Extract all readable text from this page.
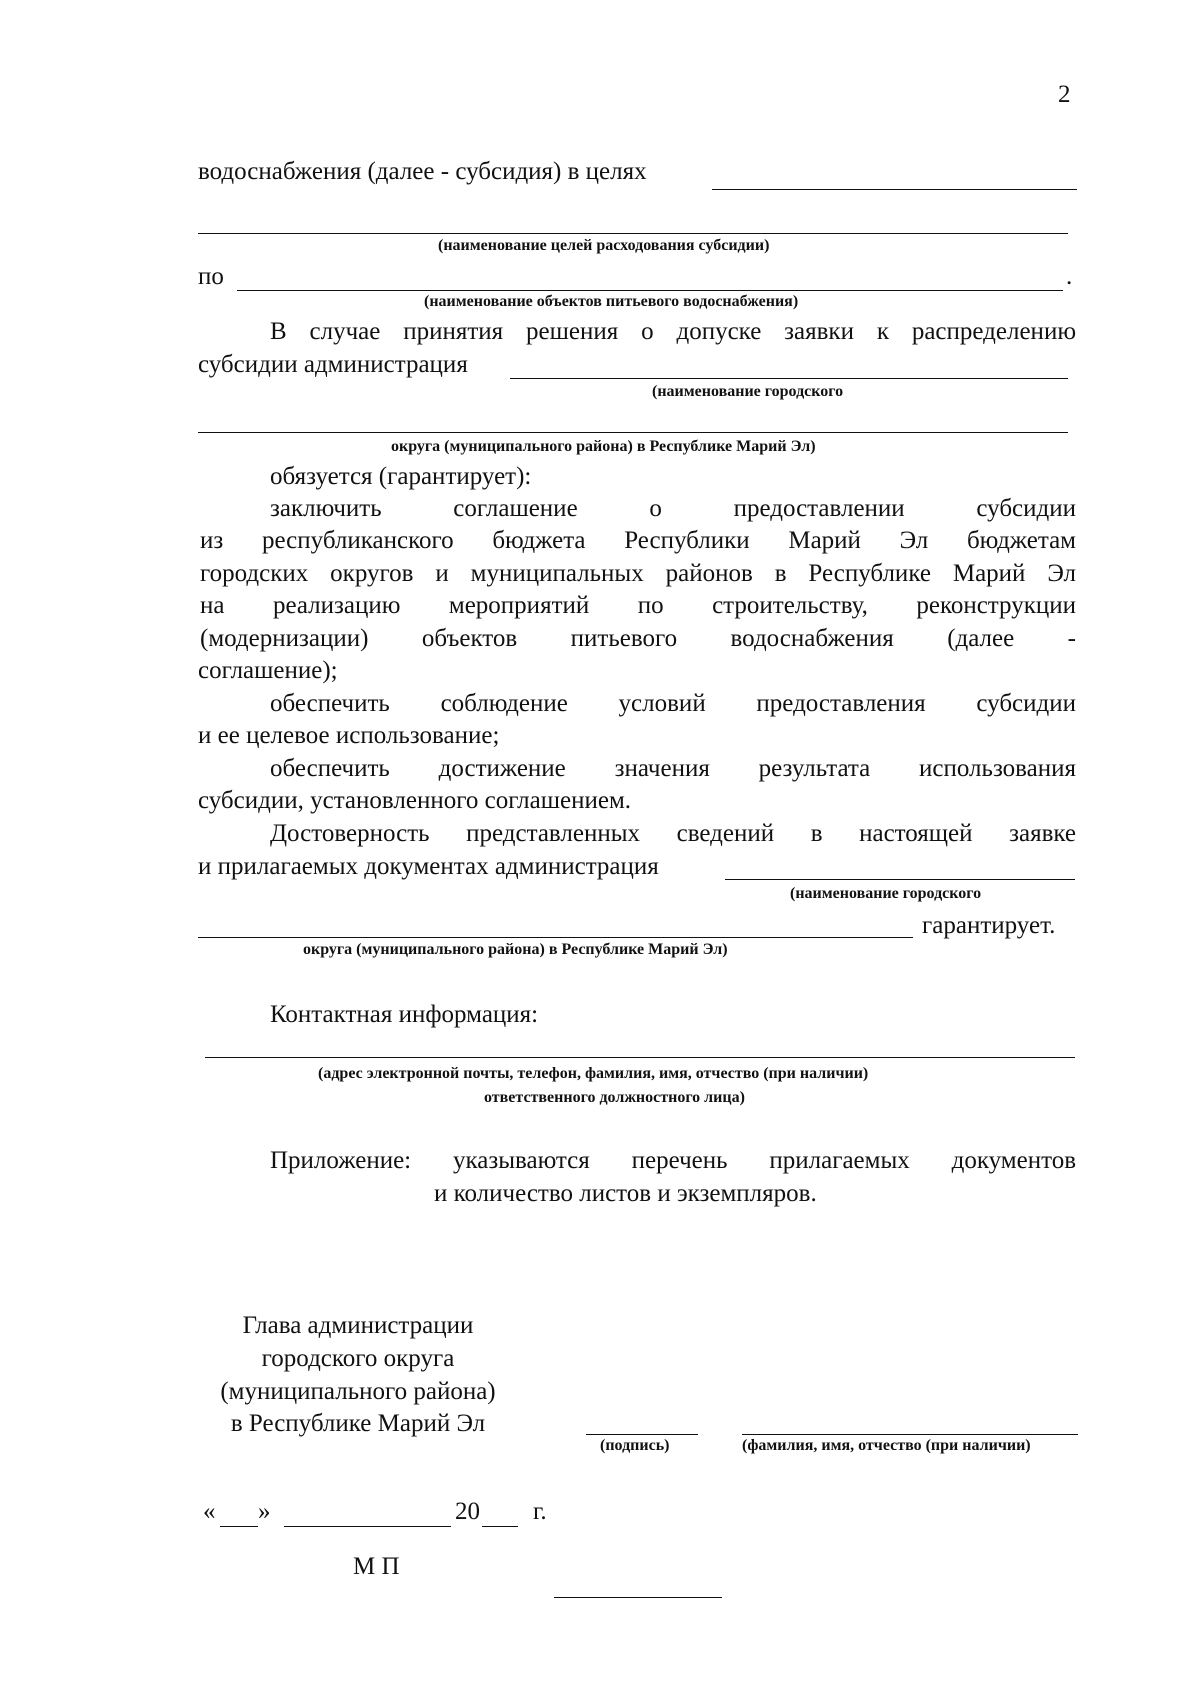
2
водоснабжения (далее - субсидия) в целях
(наименование целей расходования субсидии)
по	.
(наименование объектов питьевого водоснабжения)
В случае принятия решения о допуске заявки к распределению
субсидии администрация
(наименование городского
округа (муниципального района) в Республике Марий Эл)
обязуется (гарантирует):
заключить соглашение о предоставлении субсидии
из республиканского бюджета Республики Марий Эл бюджетам
городских округов и муниципальных районов в Республике Марий Эл
на реализацию мероприятий по строительству, реконструкции
(модернизации) объектов питьевого водоснабжения (далее -
соглашение);
обеспечить соблюдение условий предоставления субсидии
и ее целевое использование;
обеспечить достижение значения результата использования
субсидии, установленного соглашением.
Достоверность представленных сведений в настоящей заявке
и прилагаемых документах администрация
(наименование городского
гарантирует.
округа (муниципального района) в Республике Марий Эл)
Контактная информация:
(адрес электронной почты, телефон, фамилия, имя, отчество (при наличии)
ответственного должностного лица)
Приложение: указываются перечень прилагаемых документов
и количество листов и экземпляров.
Глава администрации
городского округа
(муниципального района)
в Республике Марий Эл
(подпись)	(фамилия, имя, отчество (при наличии)
« »	20 г.
М П
